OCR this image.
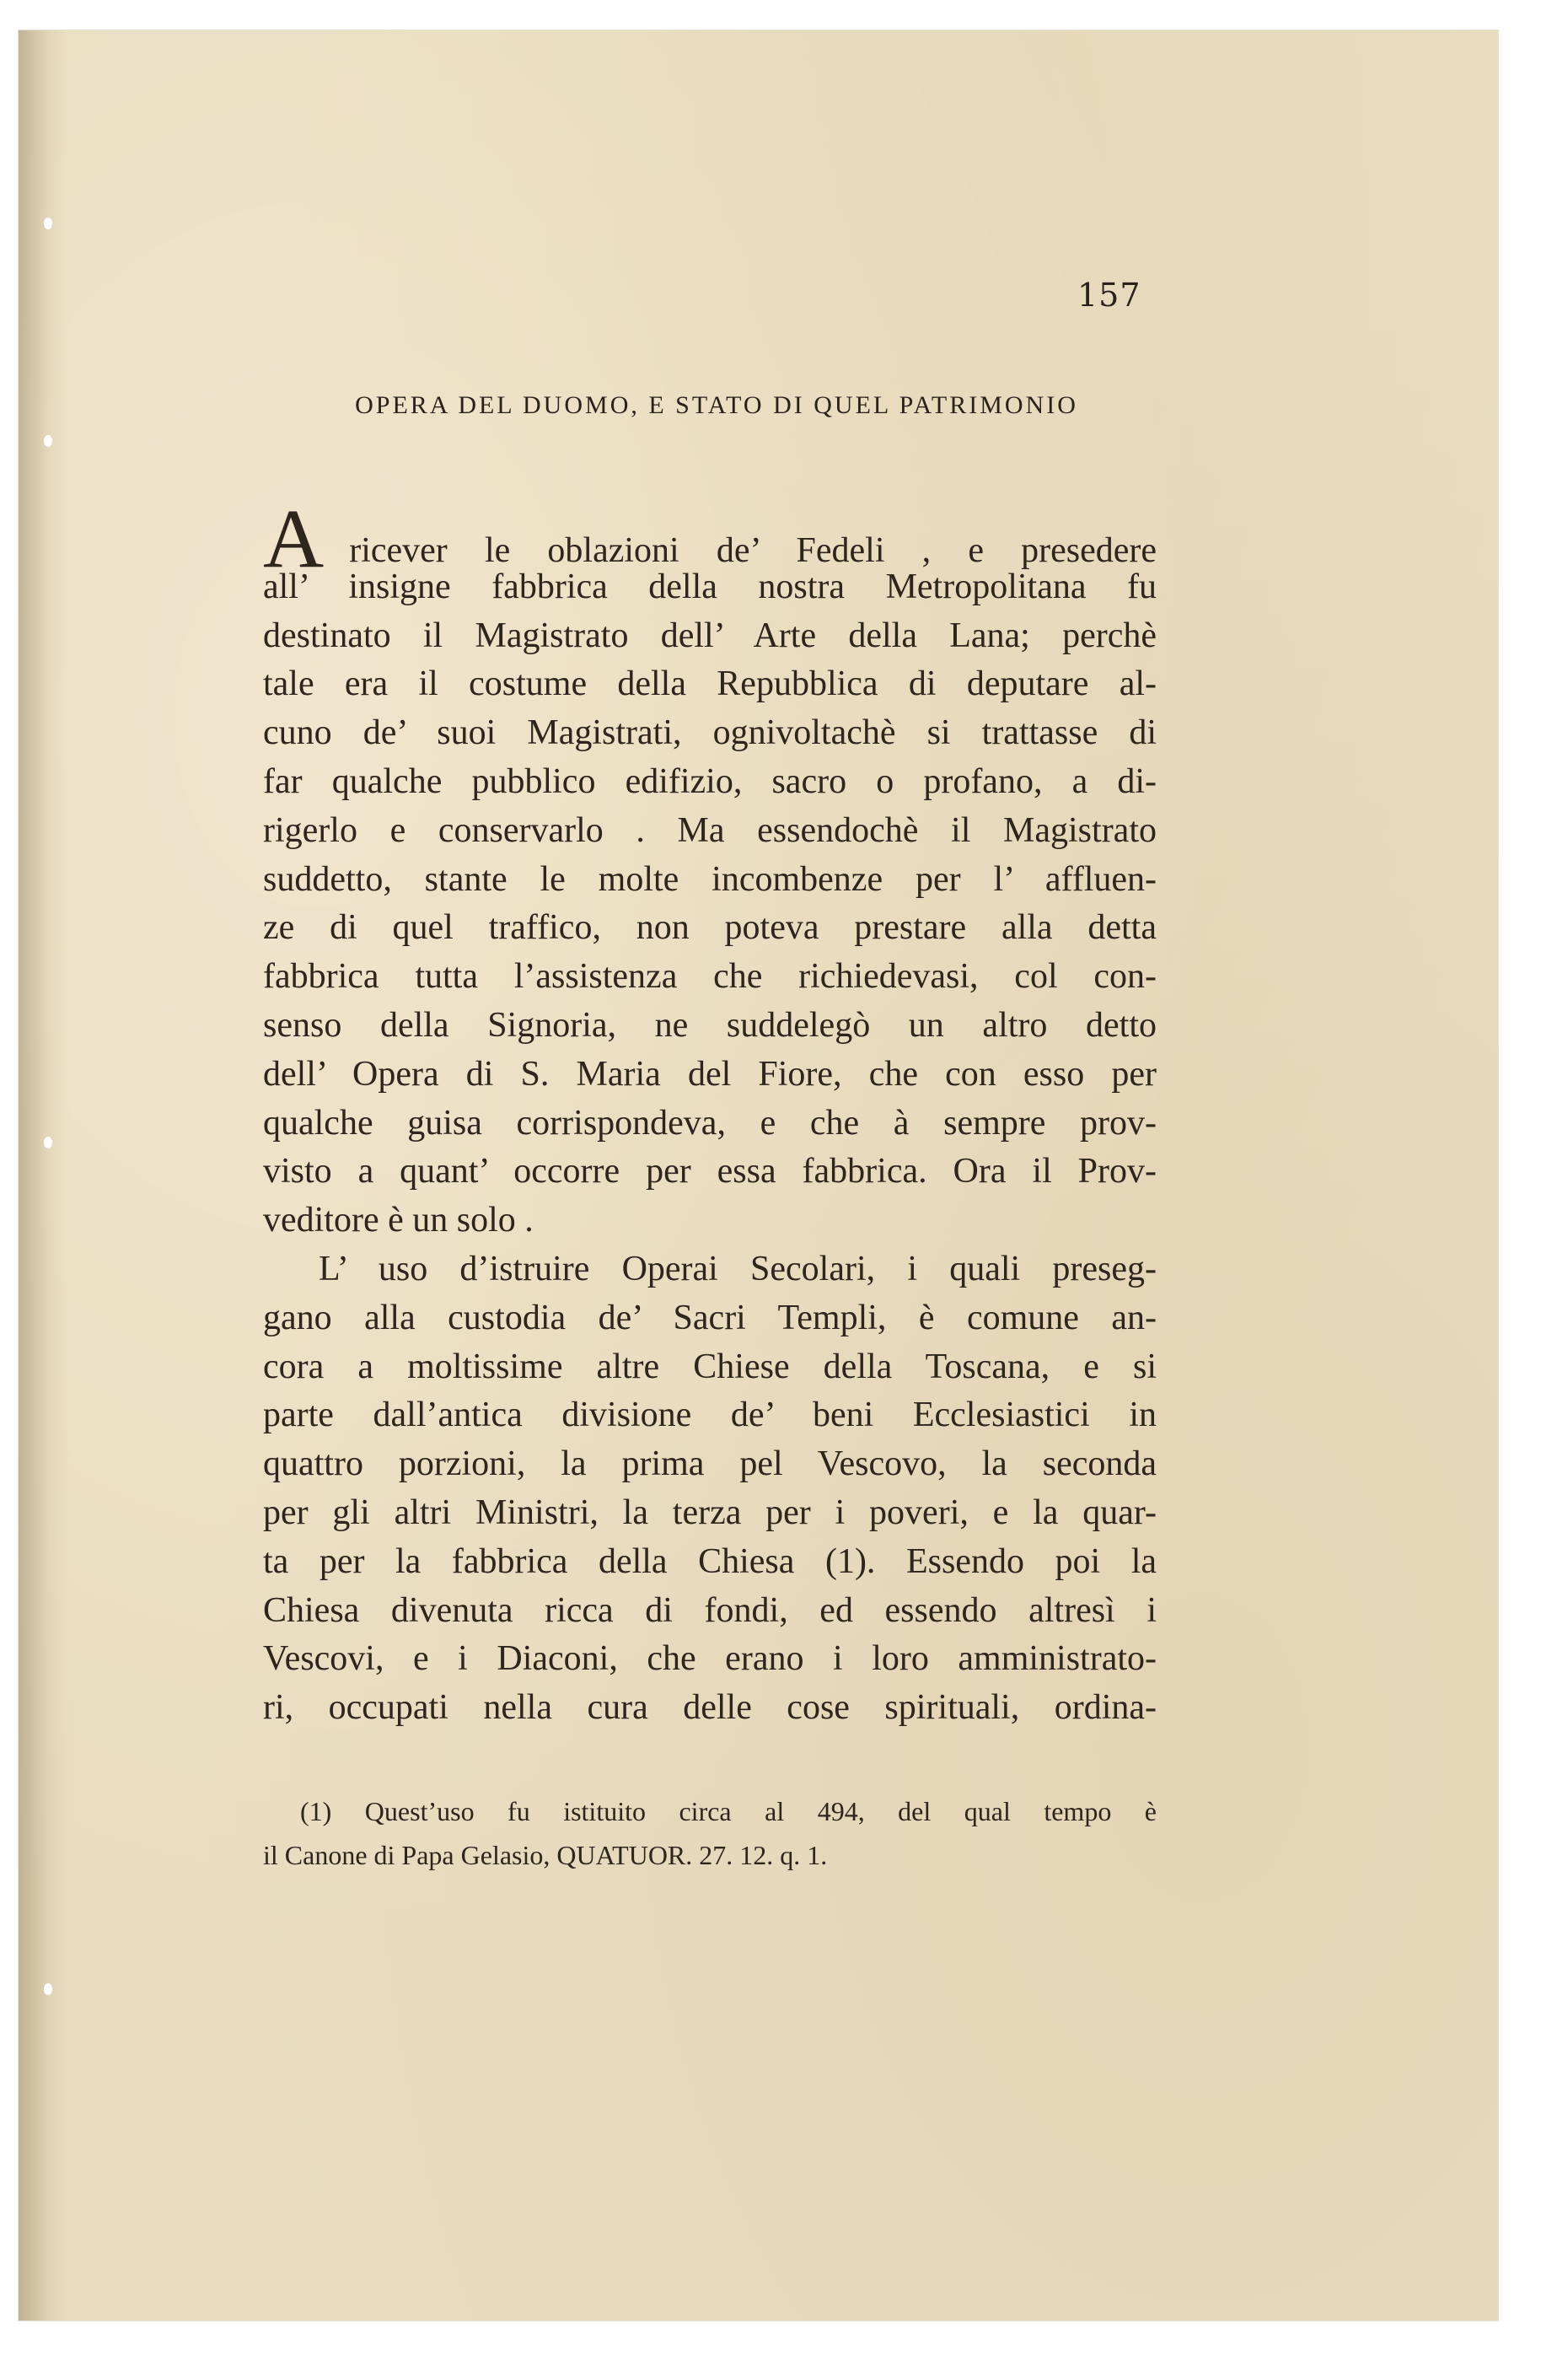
157
OPERA DEL DUOMO, E STATO DI QUEL PATRIMONIO
Aricever le oblazioni de’ Fedeli , e presedere
all’ insigne fabbrica della nostra Metropolitana fu
destinato il Magistrato dell’ Arte della Lana; perchè
tale era il costume della Repubblica di deputare al-
cuno de’ suoi Magistrati, ognivoltachè si trattasse di
far qualche pubblico edifizio, sacro o profano, a di-
rigerlo e conservarlo . Ma essendochè il Magistrato
suddetto, stante le molte incombenze per l’ affluen-
ze di quel traffico, non poteva prestare alla detta
fabbrica tutta l’assistenza che richiedevasi, col con-
senso della Signoria, ne suddelegò un altro detto
dell’ Opera di S. Maria del Fiore, che con esso per
qualche guisa corrispondeva, e che à sempre prov-
visto a quant’ occorre per essa fabbrica. Ora il Prov-
veditore è un solo .
L’ uso d’istruire Operai Secolari, i quali preseg-
gano alla custodia de’ Sacri Templi, è comune an-
cora a moltissime altre Chiese della Toscana, e si
parte dall’antica divisione de’ beni Ecclesiastici in
quattro porzioni, la prima pel Vescovo, la seconda
per gli altri Ministri, la terza per i poveri, e la quar-
ta per la fabbrica della Chiesa (1). Essendo poi la
Chiesa divenuta ricca di fondi, ed essendo altresì i
Vescovi, e i Diaconi, che erano i loro amministrato-
ri, occupati nella cura delle cose spirituali, ordina-
(1) Quest’uso fu istituito circa al 494, del qual tempo è
il Canone di Papa Gelasio, QUATUOR. 27. 12. q. 1.
